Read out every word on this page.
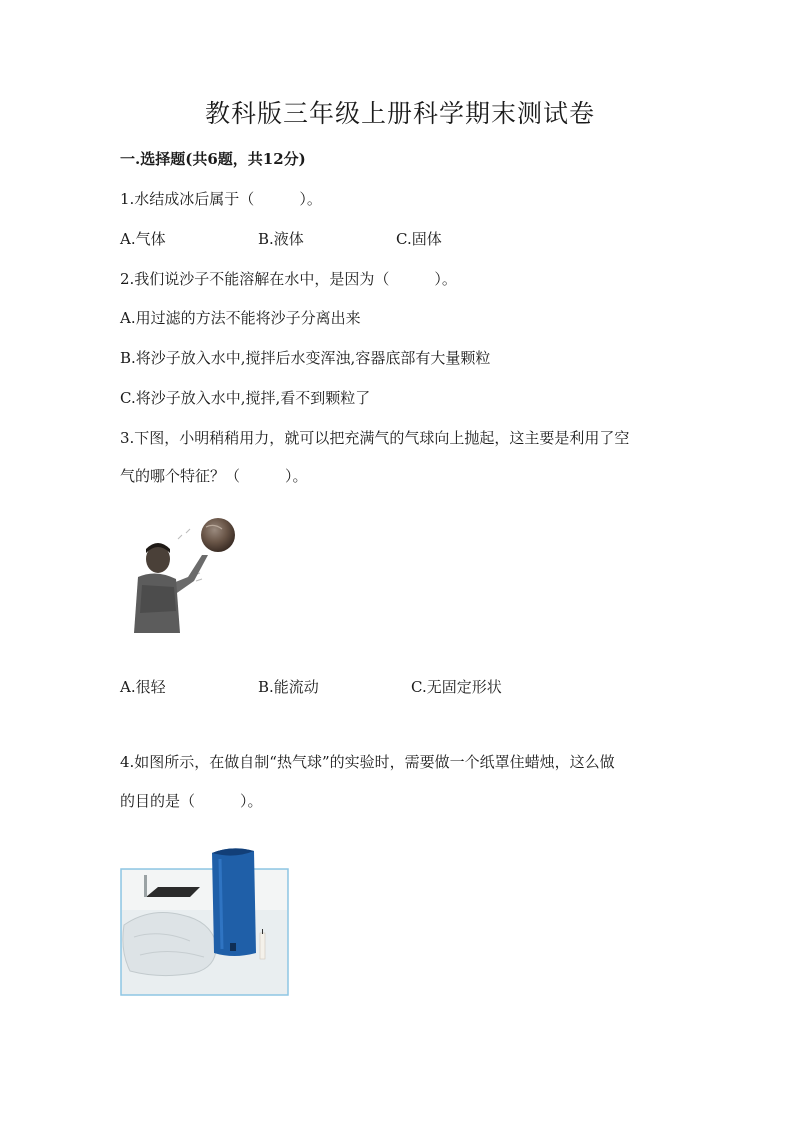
教科版三年级上册科学期末测试卷
一.选择题(共6题，共12分)
1.水结成冰后属于（　　　）。
A.气体	B.液体	C.固体
2.我们说沙子不能溶解在水中，是因为（　　　）。
A.用过滤的方法不能将沙子分离出来
B.将沙子放入水中,搅拌后水变浑浊,容器底部有大量颗粒
C.将沙子放入水中,搅拌,看不到颗粒了
3.下图，小明稍稍用力，就可以把充满气的气球向上抛起，这主要是利用了空
气的哪个特征？（　　　）。
A.很轻	B.能流动	C.无固定形状
4.如图所示，在做自制“热气球”的实验时，需要做一个纸罩住蜡烛，这么做
的目的是（　　　）。
